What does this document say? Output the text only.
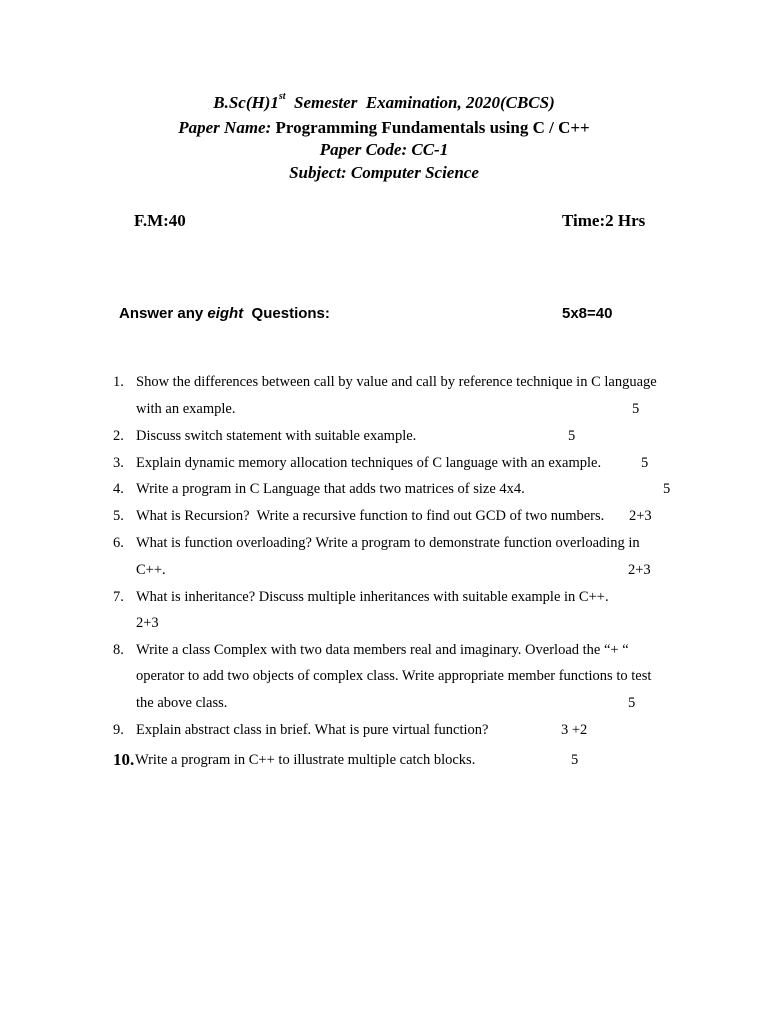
B.Sc(H)1st  Semester  Examination, 2020(CBCS)
Paper Name: Programming Fundamentals using C / C++
Paper Code: CC-1
Subject: Computer Science
F.M:40	Time:2 Hrs
Answer any eight  Questions:	5x8=40
1. Show the differences between call by value and call by reference technique in C language
with an example.	5
2. Discuss switch statement with suitable example.	5
3. Explain dynamic memory allocation techniques of C language with an example.	5
4. Write a program in C Language that adds two matrices of size 4x4.	5
5. What is Recursion?  Write a recursive function to find out GCD of two numbers. 2+3
6. What is function overloading? Write a program to demonstrate function overloading in
C++.	2+3
7. What is inheritance? Discuss multiple inheritances with suitable example in C++.
2+3
8. Write a class Complex with two data members real and imaginary. Overload the “+ “
operator to add two objects of complex class. Write appropriate member functions to test
the above class.	5
9. Explain abstract class in brief. What is pure virtual function?	3 +2
10. Write a program in C++ to illustrate multiple catch blocks.	5
